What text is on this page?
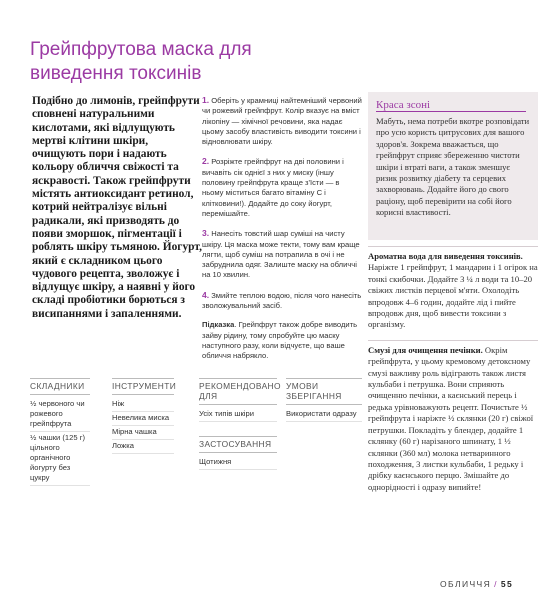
Грейпфрутова маска для виведення токсинів
Подібно до лимонів, грейпфрути сповнені натуральними кислотами, які відлущують мертві клітини шкіри, очищують пори і надають кольору обличчя свіжості та яскравості. Також грейпфрути містять антиоксидант ретинол, котрий нейтралізує вільні радикали, які призводять до появи зморшок, пігментації і роблять шкіру тьмяною. Йогурт, який є складником цього чудового рецепта, зволожує і відлущує шкіру, а наявні у його складі пробіотики борються з висипаннями і запаленнями.

1. Оберіть у крамниці найтемніший червоний чи рожевий грейпфрут. Колір вказує на вміст лікопіну — хімічної речовини, яка надає цьому засобу властивість виводити токсини і відновлювати шкіру.

2. Розріжте грейпфрут на дві половини і вичавіть сік однієї з них у миску (іншу половину грейпфрута краще з'їсти — в ньому міститься багато вітаміну С і клітковини!). Додайте до соку йогурт, перемішайте.

3. Нанесіть товстий шар суміші на чисту шкіру. Ця маска може текти, тому вам краще лягти, щоб суміш на потрапила в очі і не забруднила одяг. Залиште маску на обличчі на 10 хвилин.

4. Змийте теплою водою, після чого нанесіть зволожувальний засіб.

Підказка. Грейпфрут також добре виводить зайву рідину, тому спробуйте цю маску наступного разу, коли відчуєте, що ваше обличчя набрякло.

Краса зсоні
Мабуть, нема потреби вкотре розповідати про усю користь цитрусових для вашого здоров'я. Зокрема вважається, що грейпфрут сприяє збереженню чистоти шкіри і втраті ваги, а також зменшує ризик розвитку діабету та серцевих захворювань. Додайте його до свого раціону, щоб перевірити на собі його корисні властивості.

Ароматна вода для виведення токсинів. Наріжте 1 грейпфрут, 1 мандарин і 1 огірок на тонкі скибочки. Додайте 3 ¼ л води та 10–20 свіжих листків перцевої м'яти. Охолодіть впродовж 4–6 годин, додайте лід і пийте впродовж дня, щоб вивести токсини з організму.

Смузі для очищення печінки. Окрім грейпфрута, у цьому кремовому детоксному смузі важливу роль відіграють також листя кульбаби і петрушка. Вони сприяють очищенню печінки, а каєнський перець і редька урівноважують рецепт. Почистьте ½ грейпфрута і наріжте ½ склянки (20 г) свіжої петрушки. Покладіть у блендер, додайте 1 склянку (60 г) нарізаного шпинату, 1 ½ склянки (360 мл) молока нетваринного походження, 3 листки кульбаби, 1 редьку і дрібку каєнського перцю. Змішайте до однорідності і одразу випийте!

СКЛАДНИКИ
½ червоного чи рожевого грейпфрута
½ чашки (125 г) цільного органічного йогурту без цукру
ІНСТРУМЕНТИ
Ніж
Невелика миска
Мірна чашка
Ложка
РЕКОМЕНДОВАНО ДЛЯ
Усіх типів шкіри
ЗАСТОСУВАННЯ
Щотижня
УМОВИ ЗБЕРІГАННЯ
Використати одразу
ОБЛИЧЧЯ / 55
